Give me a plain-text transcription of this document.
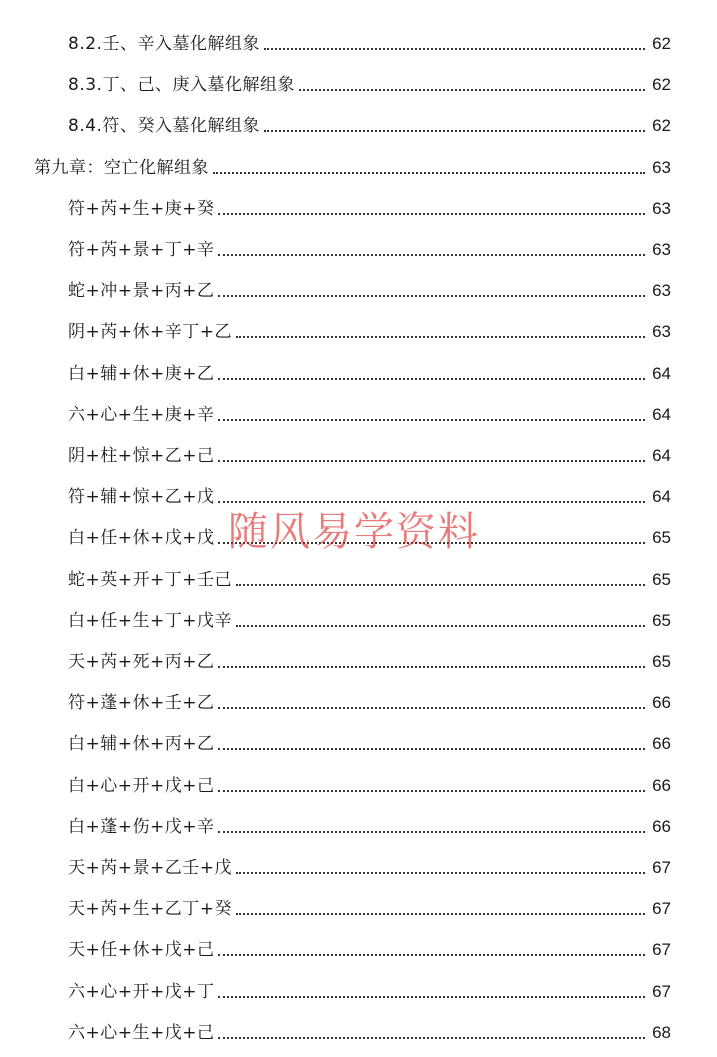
8.2.壬、辛入墓化解组象	62
8.3.丁、己、庚入墓化解组象	62
8.4.符、癸入墓化解组象	62
第九章：空亡化解组象	63
符+芮+生+庚+癸	63
符+芮+景+丁+辛	63
蛇+冲+景+丙+乙	63
阴+芮+休+辛丁+乙	63
白+辅+休+庚+乙	64
六+心+生+庚+辛	64
阴+柱+惊+乙+己	64
符+辅+惊+乙+戊	64
白+任+休+戊+戊	65
蛇+英+开+丁+壬己	65
白+任+生+丁+戊辛	65
天+芮+死+丙+乙	65
符+蓬+休+壬+乙	66
白+辅+休+丙+乙	66
白+心+开+戊+己	66
白+蓬+伤+戊+辛	66
天+芮+景+乙壬+戊	67
天+芮+生+乙丁+癸	67
天+任+休+戊+己	67
六+心+开+戊+丁	67
六+心+生+戊+己	68
随风易学资料
